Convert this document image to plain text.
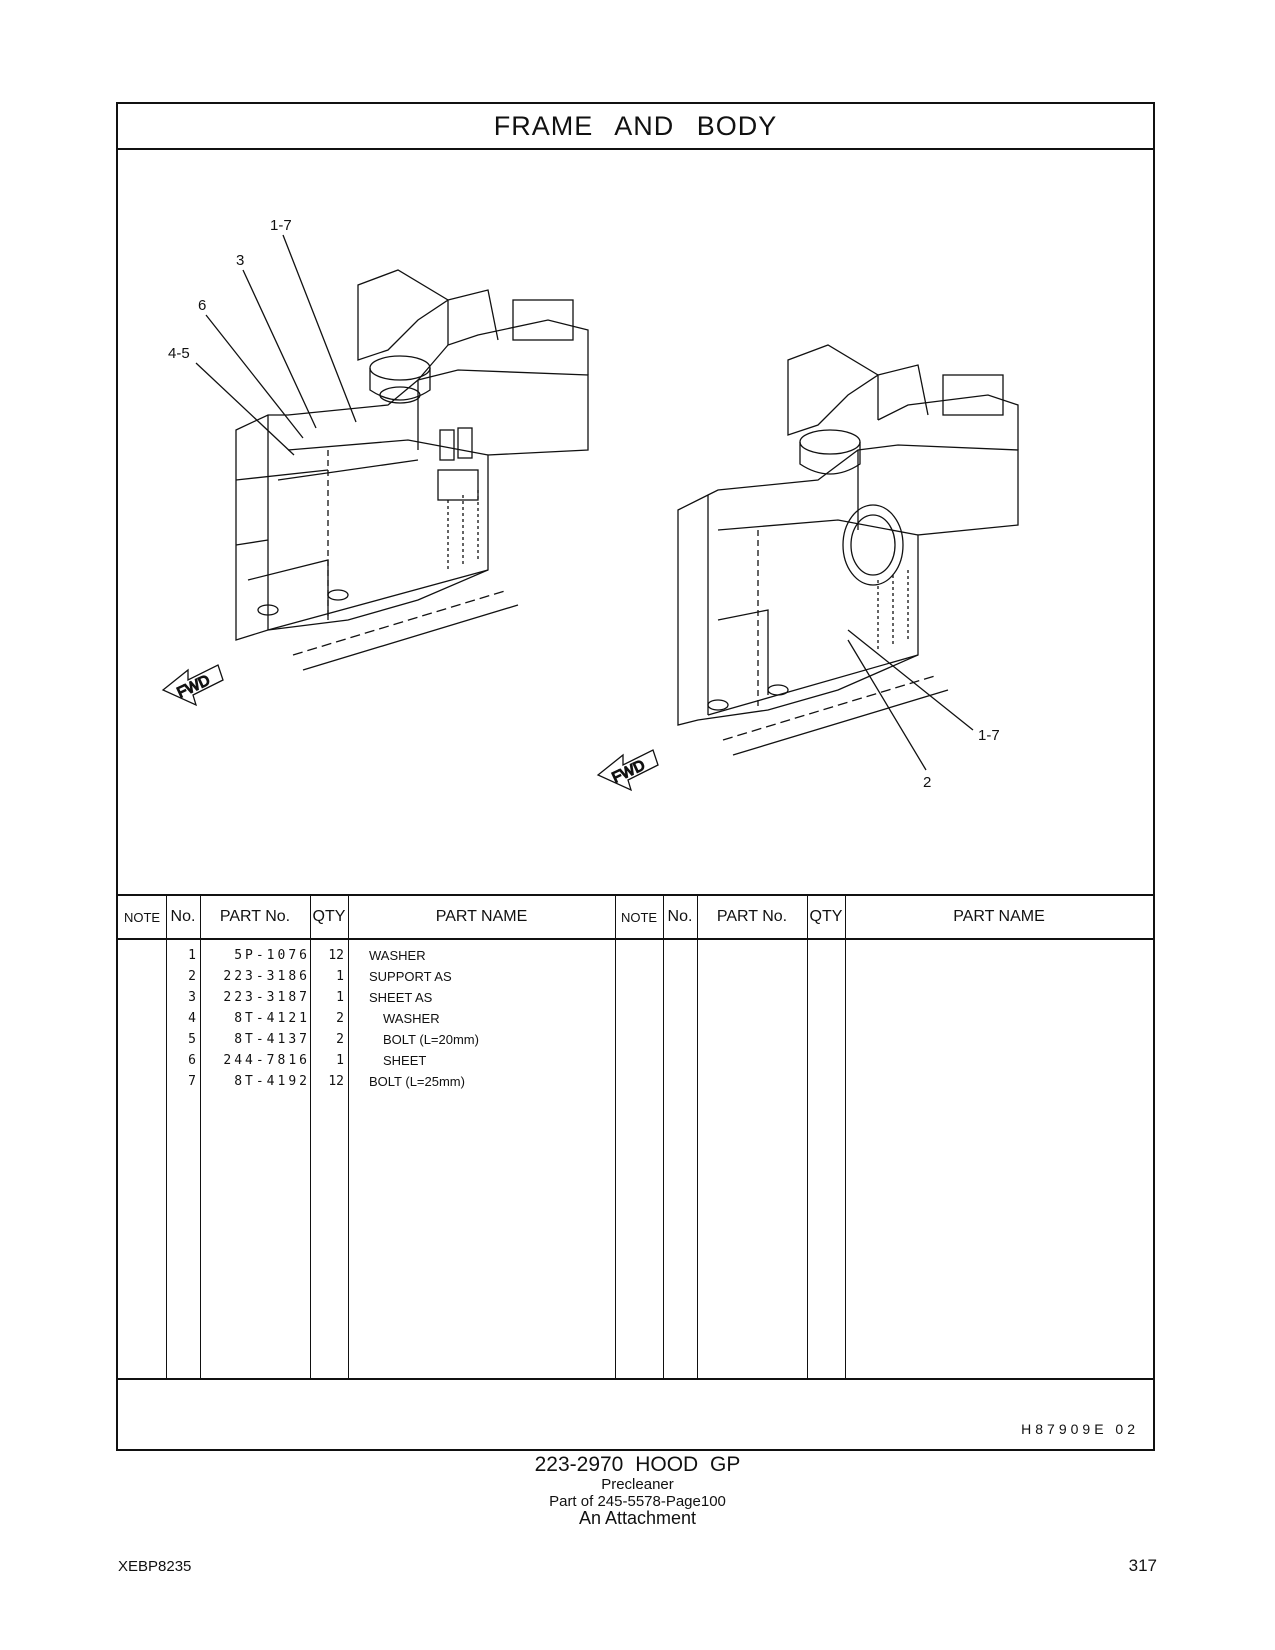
FRAME AND BODY
FWD
FWD
1-7
3
6
4-5
1-7
2
NOTE No.	PART No.	QTY	PART NAME	NOTE No.	PART No.	QTY	PART NAME
1	5P-1076	12 WASHER
2	223-3186	1 SUPPORT AS
3	223-3187	1 SHEET AS
4	8T-4121	2	WASHER
5	8T-4137	2	BOLT (L=20mm)
6	244-7816	1	SHEET
7	8T-4192	12 BOLT (L=25mm)
H87909E 02
223-2970 HOOD GP
Precleaner
Part of 245-5578-Page100
An Attachment
XEBP8235	317
